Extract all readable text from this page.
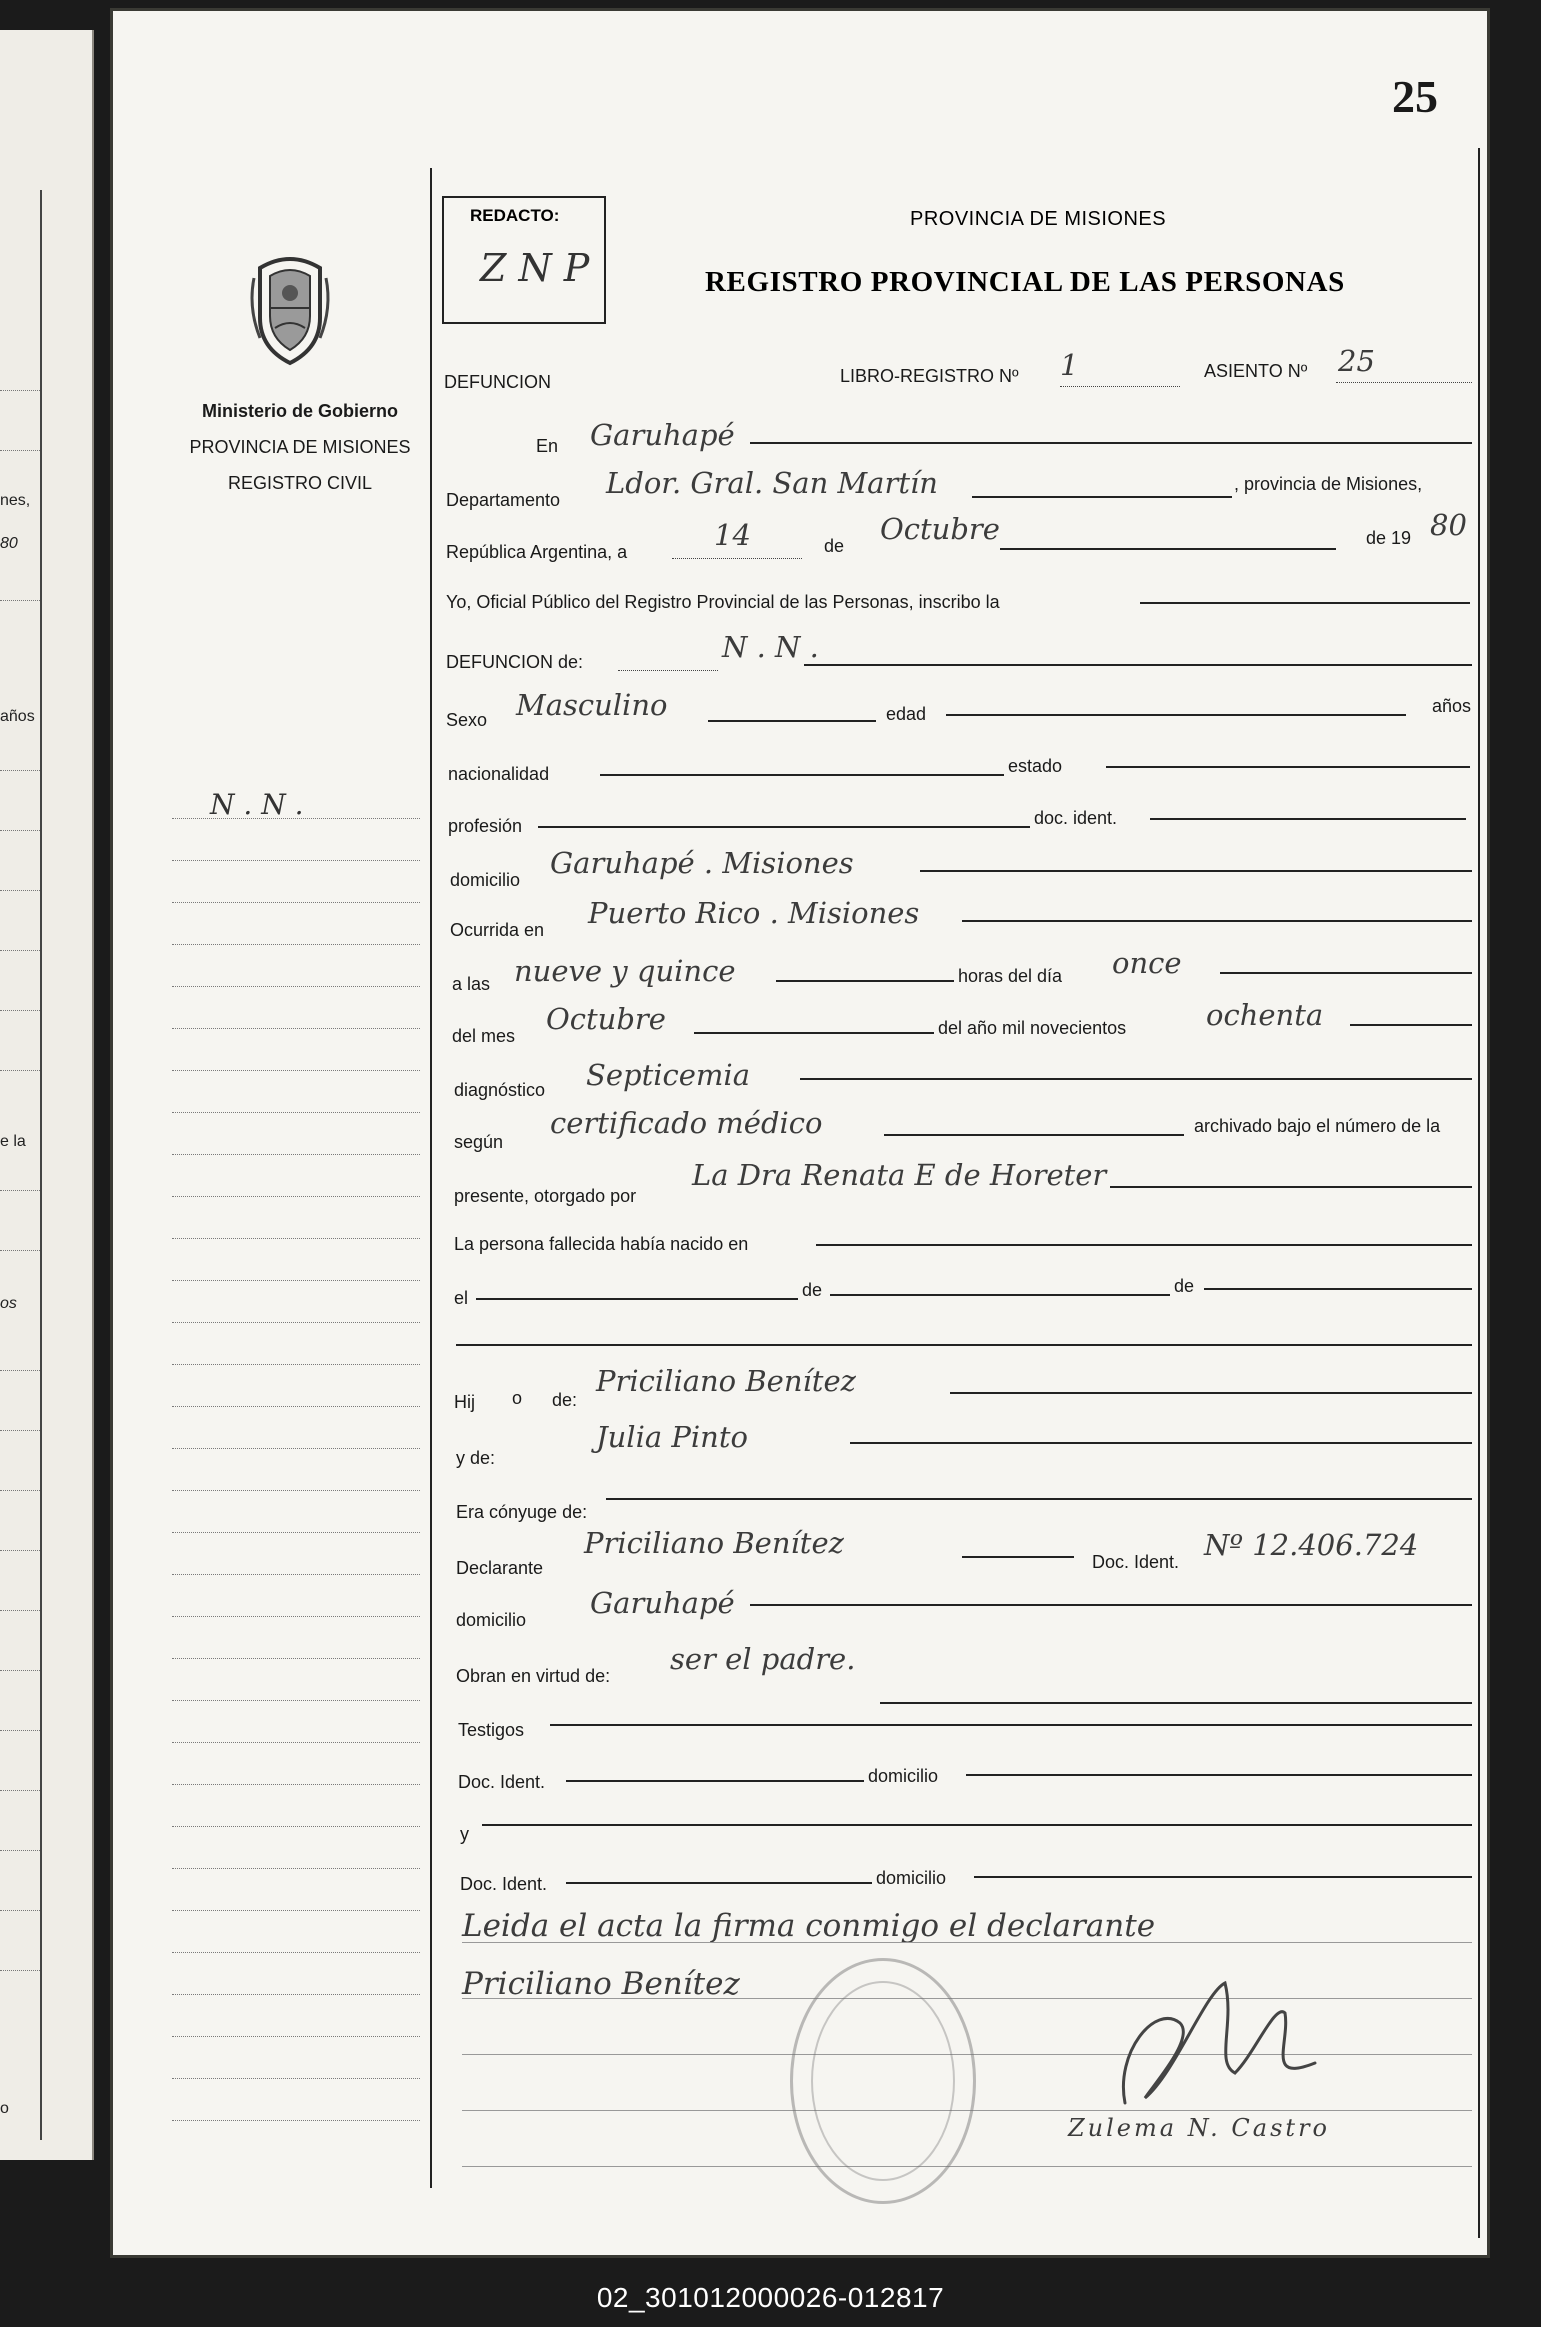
nes,
80
años
e la
os
o
25
Ministerio de Gobierno
PROVINCIA DE MISIONES
REGISTRO CIVIL
N . N .
REDACTO:
Z N P
PROVINCIA DE MISIONES
REGISTRO PROVINCIAL DE LAS PERSONAS
DEFUNCION	LIBRO-REGISTRO Nº 1	ASIENTO Nº 25
En Garuhapé
Departamento Ldor. Gral. San Martín	, provincia de Misiones,
República Argentina, a	14	de Octubre	de 19 80
Yo, Oficial Público del Registro Provincial de las Personas, inscribo la
DEFUNCION de:	N . N .
Sexo Masculino	edad	años
nacionalidad	estado
profesión	doc. ident.
domicilio Garuhapé . Misiones
Ocurrida en Puerto Rico . Misiones
a las nueve y quince	horas del día once
del mes Octubre	del año mil novecientos	ochenta
diagnóstico Septicemia
según
certificado médico	archivado bajo el número de la
presente, otorgado por
La Dra Renata E de Horeter
La persona fallecida había nacido en
el	de	de
Hij o de:
Priciliano Benítez
y de:
Julia Pinto
Era cónyuge de:
Declarante
Priciliano Benítez
Doc. Ident. Nº 12.406.724
domicilio Garuhapé
Obran en virtud de: ser el padre.
Testigos
Doc. Ident.	domicilio
y
Doc. Ident.	domicilio
Leida el acta la firma conmigo el declarante
Priciliano Benítez
Zulema N. Castro
02_301012000026-012817
